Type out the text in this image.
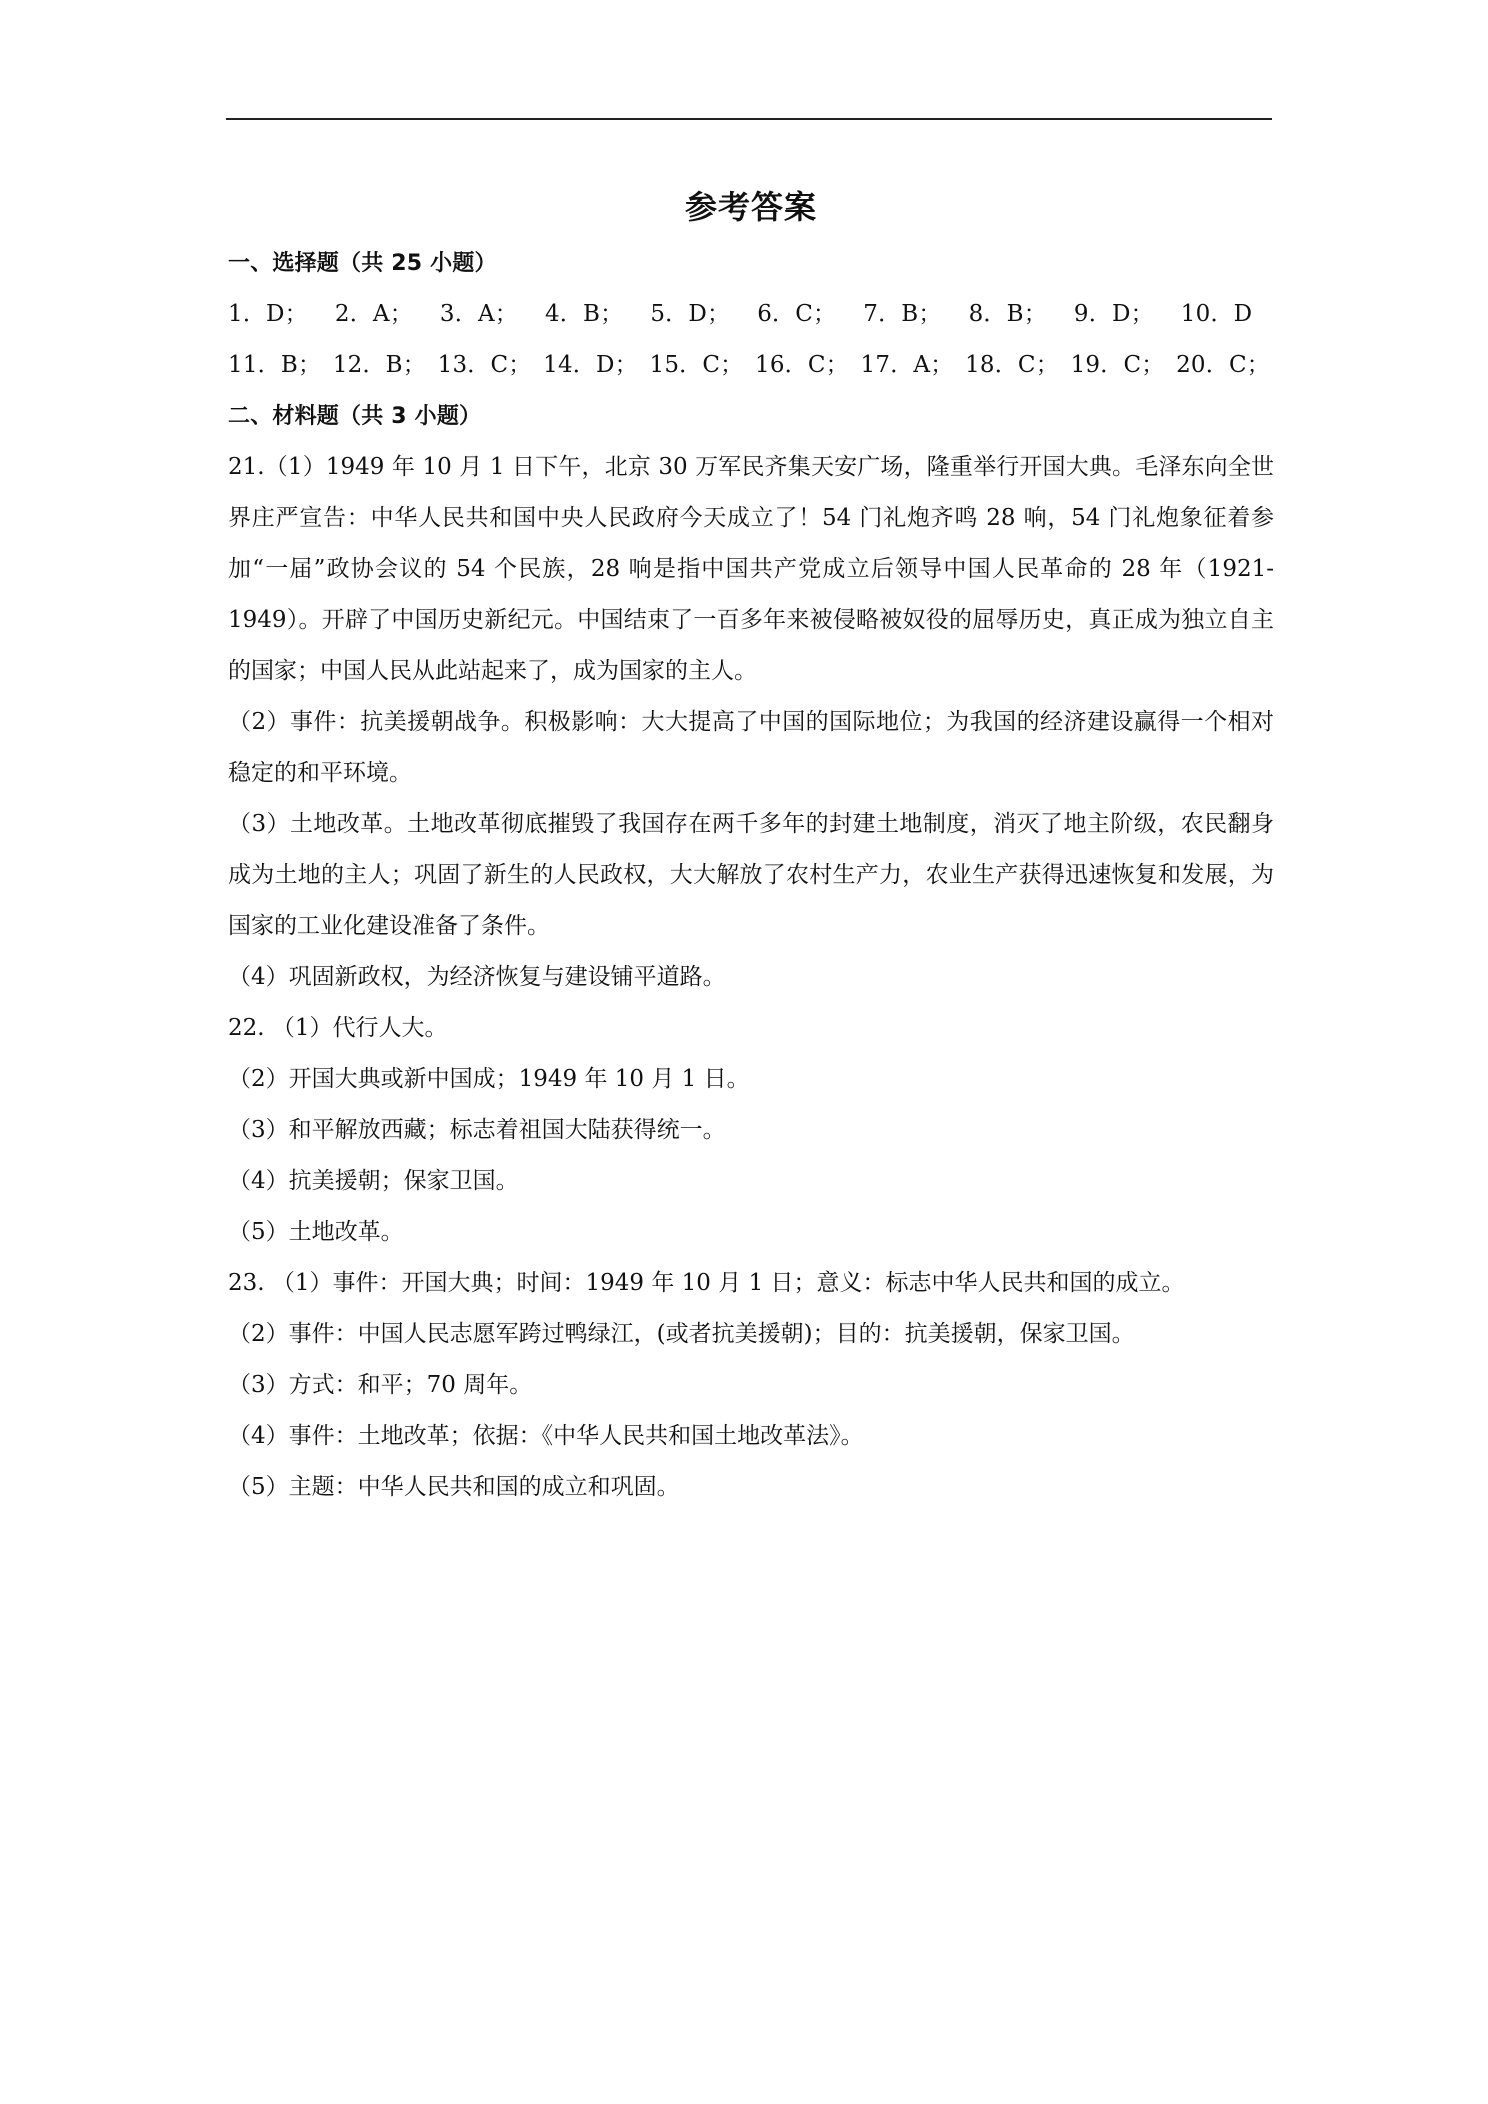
参考答案
一、选择题（共 25 小题）
1．D； 2．A； 3．A； 4．B； 5．D； 6．C； 7．B； 8．B； 9．D； 10．D
11．B； 12．B； 13．C； 14．D； 15．C； 16．C； 17．A； 18．C； 19．C； 20．C；
二、材料题（共 3 小题）
21.（1）1949 年 10 月 1 日下午，北京 30 万军民齐集天安广场，隆重举行开国大典。毛泽东向全世界庄严宣告：中华人民共和国中央人民政府今天成立了！54 门礼炮齐鸣 28 响，54 门礼炮象征着参加“一届”政协会议的 54 个民族，28 响是指中国共产党成立后领导中国人民革命的 28 年（1921-1949）。开辟了中国历史新纪元。中国结束了一百多年来被侵略被奴役的屈辱历史，真正成为独立自主的国家；中国人民从此站起来了，成为国家的主人。
（2）事件：抗美援朝战争。积极影响：大大提高了中国的国际地位；为我国的经济建设赢得一个相对稳定的和平环境。
（3）土地改革。土地改革彻底摧毁了我国存在两千多年的封建土地制度，消灭了地主阶级，农民翻身成为土地的主人；巩固了新生的人民政权，大大解放了农村生产力，农业生产获得迅速恢复和发展，为国家的工业化建设准备了条件。
（4）巩固新政权，为经济恢复与建设铺平道路。
22. （1）代行人大。
（2）开国大典或新中国成；1949 年 10 月 1 日。
（3）和平解放西藏；标志着祖国大陆获得统一。
（4）抗美援朝；保家卫国。
（5）土地改革。
23. （1）事件：开国大典；时间：1949 年 10 月 1 日；意义：标志中华人民共和国的成立。
（2）事件：中国人民志愿军跨过鸭绿江，(或者抗美援朝)；目的：抗美援朝，保家卫国。
（3）方式：和平；70 周年。
（4）事件：土地改革；依据：《中华人民共和国土地改革法》。
（5）主题：中华人民共和国的成立和巩固。
